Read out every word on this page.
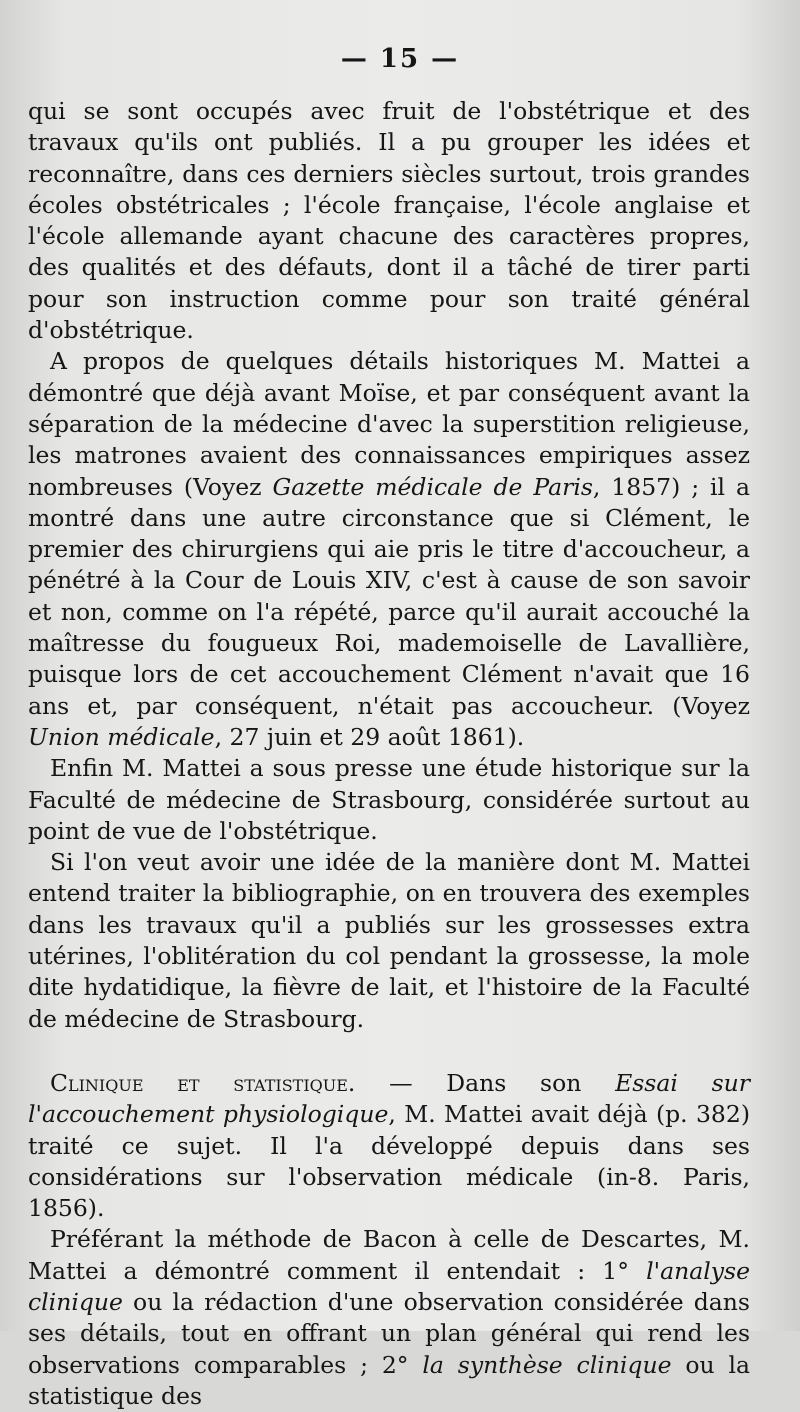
— 15 —

qui se sont occupés avec fruit de l'obstétrique et des travaux qu'ils ont publiés. Il a pu grouper les idées et reconnaître, dans ces derniers siècles surtout, trois grandes écoles obstétricales ; l'école française, l'école anglaise et l'école allemande ayant chacune des caractères propres, des qualités et des défauts, dont il a tâché de tirer parti pour son instruction comme pour son traité général d'obstétrique.

A propos de quelques détails historiques M. Mattei a démontré que déjà avant Moïse, et par conséquent avant la séparation de la médecine d'avec la superstition religieuse, les matrones avaient des connaissances empiriques assez nombreuses (Voyez Gazette médicale de Paris, 1857) ; il a montré dans une autre circonstance que si Clément, le premier des chirurgiens qui aie pris le titre d'accoucheur, a pénétré à la Cour de Louis XIV, c'est à cause de son savoir et non, comme on l'a répété, parce qu'il aurait accouché la maîtresse du fougueux Roi, mademoiselle de Lavallière, puisque lors de cet accouchement Clément n'avait que 16 ans et, par conséquent, n'était pas accoucheur. (Voyez Union médicale, 27 juin et 29 août 1861).

Enfin M. Mattei a sous presse une étude historique sur la Faculté de médecine de Strasbourg, considérée surtout au point de vue de l'obstétrique.

Si l'on veut avoir une idée de la manière dont M. Mattei entend traiter la bibliographie, on en trouvera des exemples dans les travaux qu'il a publiés sur les grossesses extra utérines, l'oblitération du col pendant la grossesse, la mole dite hydatidique, la fièvre de lait, et l'histoire de la Faculté de médecine de Strasbourg.

Clinique et statistique. — Dans son Essai sur l'accouchement physiologique, M. Mattei avait déjà (p. 382) traité ce sujet. Il l'a développé depuis dans ses considérations sur l'observation médicale (in-8. Paris, 1856).

Préférant la méthode de Bacon à celle de Descartes, M. Mattei a démontré comment il entendait : 1° l'analyse clinique ou la rédaction d'une observation considérée dans ses détails, tout en offrant un plan général qui rend les observations comparables ; 2° la synthèse clinique ou la statistique des
